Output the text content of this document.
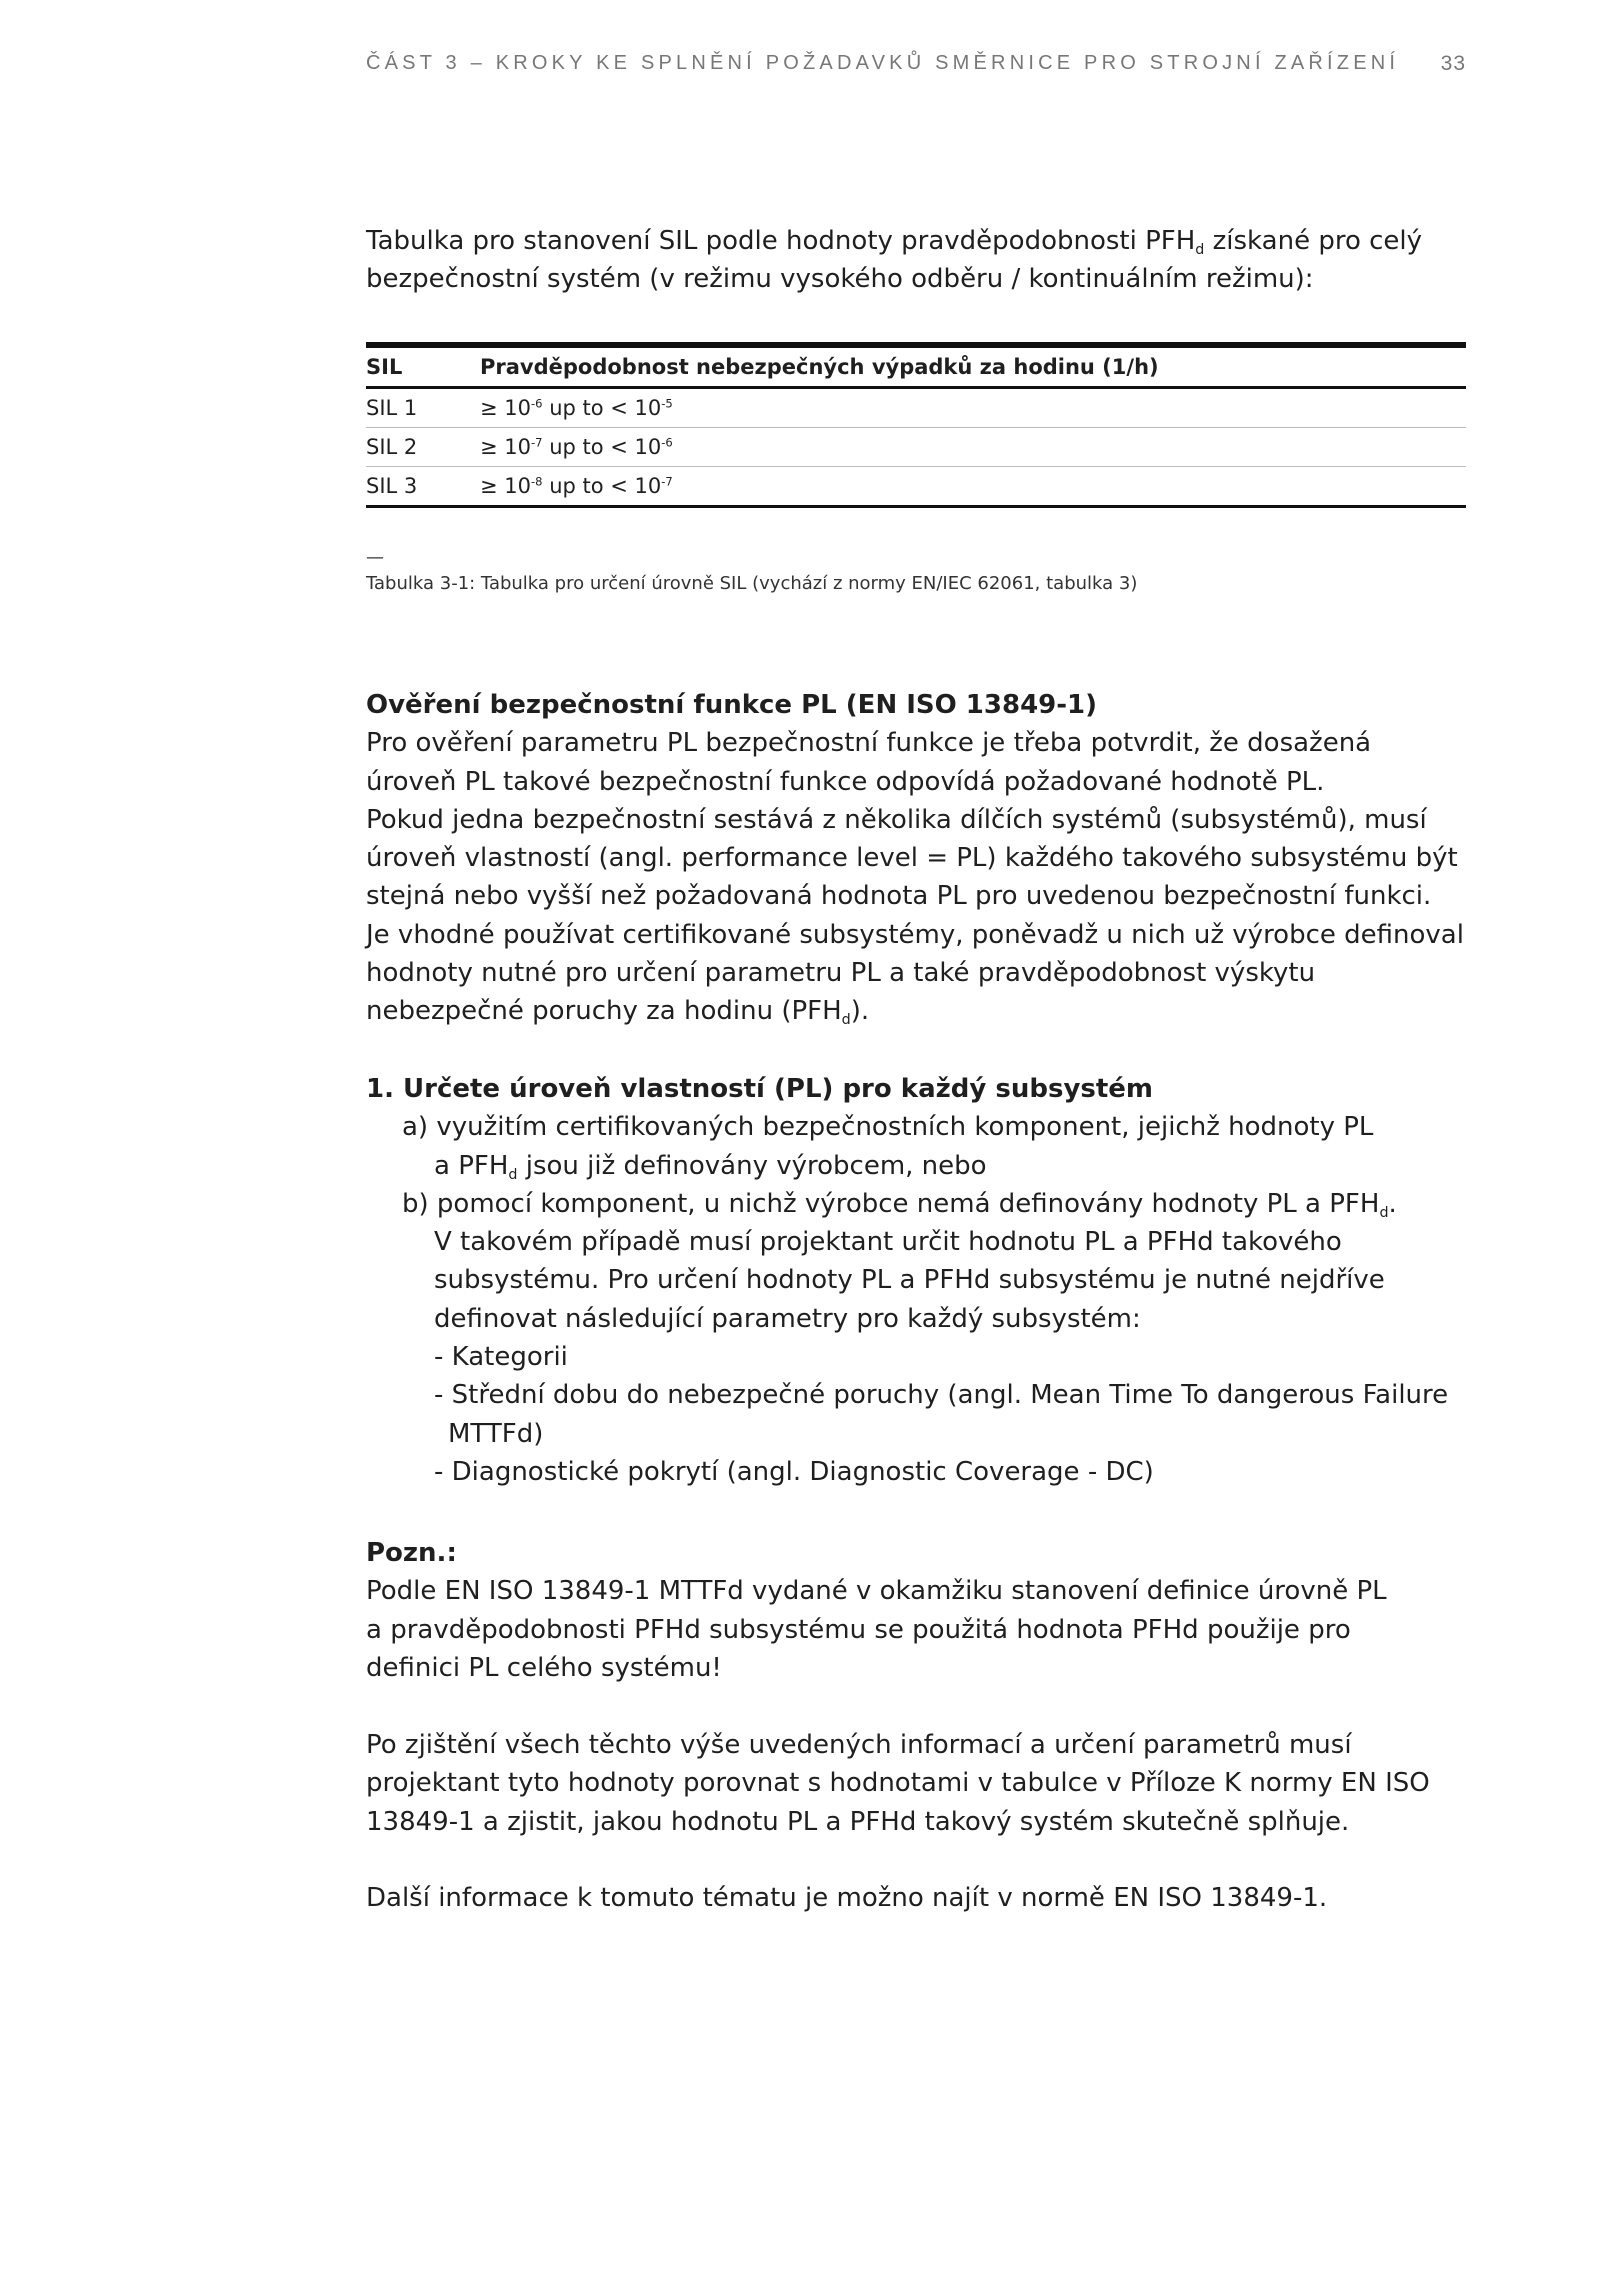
ČÁST 3 – KROKY KE SPLNĚNÍ POŽADAVKŮ SMĚRNICE PRO STROJNÍ ZAŘÍZENÍ 33

Tabulka pro stanovení SIL podle hodnoty pravděpodobnosti $PFH_d$ získané pro celý

bezpečnostní systém (v režimu vysokého odběru / kontinuálním režimu):

SIL	Pravděpodobnost nebezpečných výpadků za hodinu (1/h)
SIL 1	≥ $10^{-6}$ up to < $10^{-5}$
SIL 2	≥ $10^{-7}$ up to < $10^{-6}$
SIL 3	≥ $10^{-8}$ up to < $10^{-7}$
—
Tabulka 3-1: Tabulka pro určení úrovně SIL (vychází z normy EN/IEC 62061, tabulka 3)

Ověření bezpečnostní funkce PL (EN ISO 13849-1)

Pro ověření parametru PL bezpečnostní funkce je třeba potvrdit, že dosažená

úroveň PL takové bezpečnostní funkce odpovídá požadované hodnotě PL.

Pokud jedna bezpečnostní sestává z několika dílčích systémů (subsystémů), musí

úroveň vlastností (angl. performance level = PL) každého takového subsystému být

stejná nebo vyšší než požadovaná hodnota PL pro uvedenou bezpečnostní funkci.

Je vhodné používat certifikované subsystémy, poněvadž u nich už výrobce definoval

hodnoty nutné pro určení parametru PL a také pravděpodobnost výskytu

nebezpečné poruchy za hodinu $(PFH_d)$.

1. Určete úroveň vlastností (PL) pro každý subsystém

a) využitím certifikovaných bezpečnostních komponent, jejichž hodnoty PL

a $PFH_d$ jsou již definovány výrobcem, nebo

b) pomocí komponent, u nichž výrobce nemá definovány hodnoty PL a $PFH_d$.

V takovém případě musí projektant určit hodnotu PL a PFHd takového

subsystému. Pro určení hodnoty PL a PFHd subsystému je nutné nejdříve

definovat následující parametry pro každý subsystém:

- Kategorii

- Střední dobu do nebezpečné poruchy (angl. Mean Time To dangerous Failure

MTTFd)

- Diagnostické pokrytí (angl. Diagnostic Coverage - DC)

Pozn.:

Podle EN ISO 13849-1 MTTFd vydané v okamžiku stanovení definice úrovně PL

a pravděpodobnosti PFHd subsystému se použitá hodnota PFHd použije pro

definici PL celého systému!

Po zjištění všech těchto výše uvedených informací a určení parametrů musí

projektant tyto hodnoty porovnat s hodnotami v tabulce v Příloze K normy EN ISO

13849-1 a zjistit, jakou hodnotu PL a PFHd takový systém skutečně splňuje.

Další informace k tomuto tématu je možno najít v normě EN ISO 13849-1.
